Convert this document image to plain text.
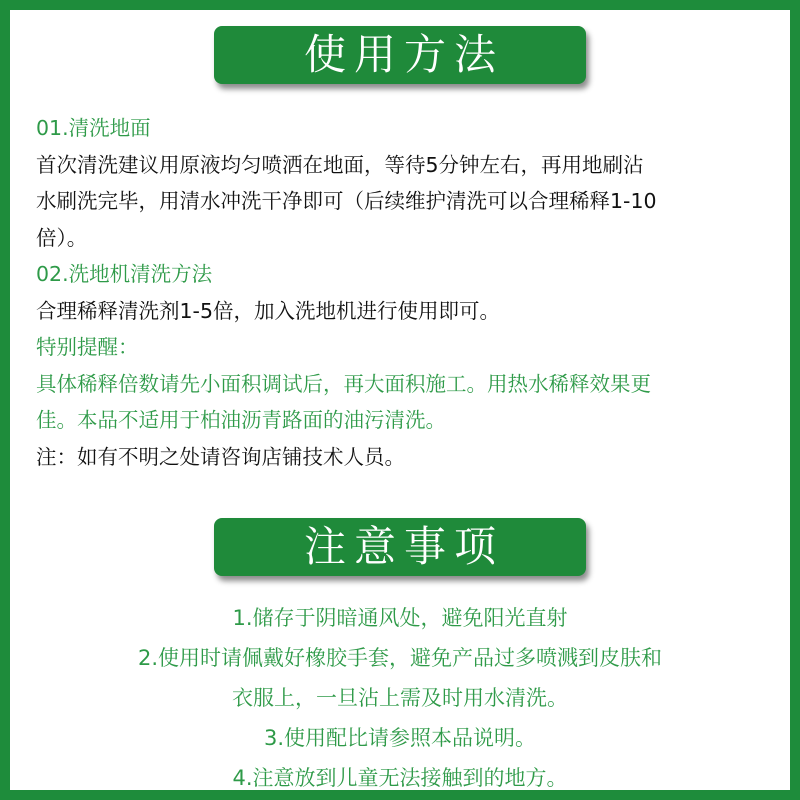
使用方法
01.清洗地面
首次清洗建议用原液均匀喷洒在地面，等待5分钟左右，再用地刷沾
水刷洗完毕，用清水冲洗干净即可（后续维护清洗可以合理稀释1-10
倍）。
02.洗地机清洗方法
合理稀释清洗剂1-5倍，加入洗地机进行使用即可。
特别提醒：
具体稀释倍数请先小面积调试后，再大面积施工。用热水稀释效果更
佳。本品不适用于柏油沥青路面的油污清洗。
注：如有不明之处请咨询店铺技术人员。
注意事项
1.储存于阴暗通风处，避免阳光直射
2.使用时请佩戴好橡胶手套，避免产品过多喷溅到皮肤和
衣服上，一旦沾上需及时用水清洗。
3.使用配比请参照本品说明。
4.注意放到儿童无法接触到的地方。
